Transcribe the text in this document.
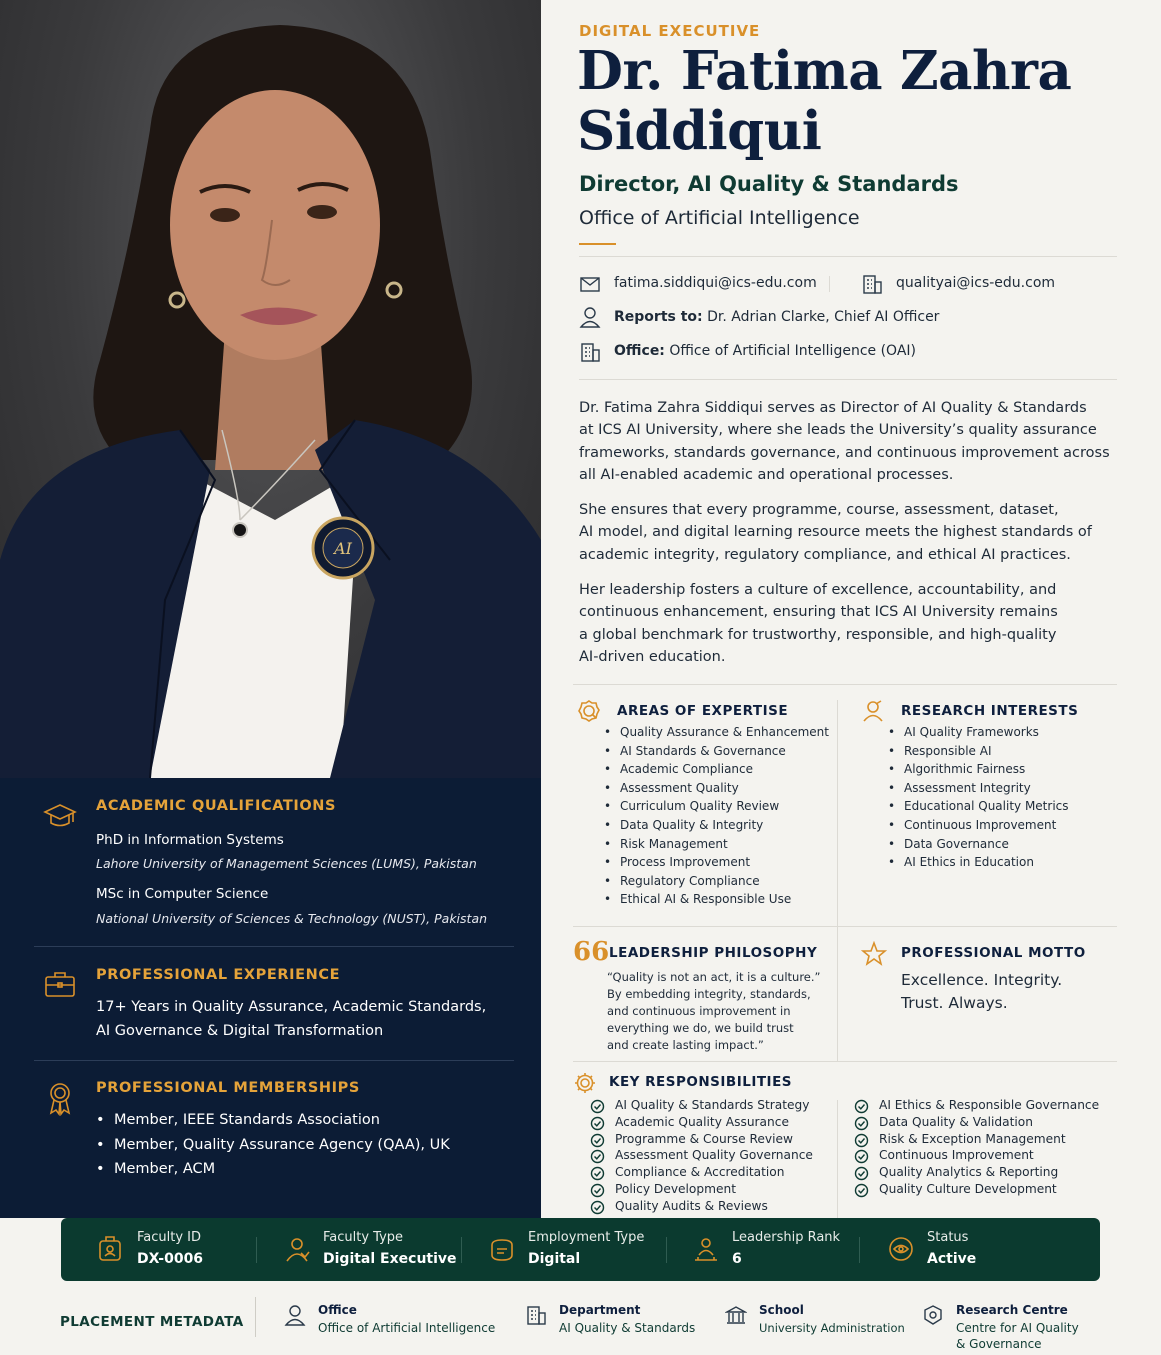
AI
ACADEMIC QUALIFICATIONS
PhD in Information Systems
Lahore University of Management Sciences (LUMS), Pakistan
MSc in Computer Science
National University of Sciences & Technology (NUST), Pakistan
PROFESSIONAL EXPERIENCE
17+ Years in Quality Assurance, Academic Standards,
AI Governance & Digital Transformation
PROFESSIONAL MEMBERSHIPS
• Member, IEEE Standards Association
• Member, Quality Assurance Agency (QAA), UK
• Member, ACM
DIGITAL EXECUTIVE
Dr. Fatima Zahra
Siddiqui
Director, AI Quality & Standards
Office of Artificial Intelligence
fatima.siddiqui@ics-edu.com	qualityai@ics-edu.com
Reports to: Dr. Adrian Clarke, Chief AI Officer
Office: Office of Artificial Intelligence (OAI)
Dr. Fatima Zahra Siddiqui serves as Director of AI Quality & Standards
at ICS AI University, where she leads the University’s quality assurance
frameworks, standards governance, and continuous improvement across
all AI-enabled academic and operational processes.
She ensures that every programme, course, assessment, dataset,
AI model, and digital learning resource meets the highest standards of
academic integrity, regulatory compliance, and ethical AI practices.
Her leadership fosters a culture of excellence, accountability, and
continuous enhancement, ensuring that ICS AI University remains
a global benchmark for trustworthy, responsible, and high-quality
AI-driven education.
AREAS OF EXPERTISE
• Quality Assurance & Enhancement
• AI Standards & Governance
• Academic Compliance
• Assessment Quality
• Curriculum Quality Review
• Data Quality & Integrity
• Risk Management
• Process Improvement
• Regulatory Compliance
• Ethical AI & Responsible Use
RESEARCH INTERESTS
• AI Quality Frameworks
• Responsible AI
• Algorithmic Fairness
• Assessment Integrity
• Educational Quality Metrics
• Continuous Improvement
• Data Governance
• AI Ethics in Education
66 LEADERSHIP PHILOSOPHY
“Quality is not an act, it is a culture.”
By embedding integrity, standards,
and continuous improvement in
everything we do, we build trust
and create lasting impact.”
PROFESSIONAL MOTTO
Excellence. Integrity.
Trust. Always.
KEY RESPONSIBILITIES
AI Quality & Standards Strategy
Academic Quality Assurance
Programme & Course Review
Assessment Quality Governance
Compliance & Accreditation
Policy Development
Quality Audits & Reviews
AI Ethics & Responsible Governance
Data Quality & Validation
Risk & Exception Management
Continuous Improvement
Quality Analytics & Reporting
Quality Culture Development
Faculty ID
DX-0006
Faculty Type
Digital Executive
Employment Type
Digital
Leadership Rank
6
Status
Active
PLACEMENT METADATA
Office
Office of Artificial Intelligence
Department
AI Quality & Standards
School
University Administration
Research Centre
Centre for AI Quality
& Governance
